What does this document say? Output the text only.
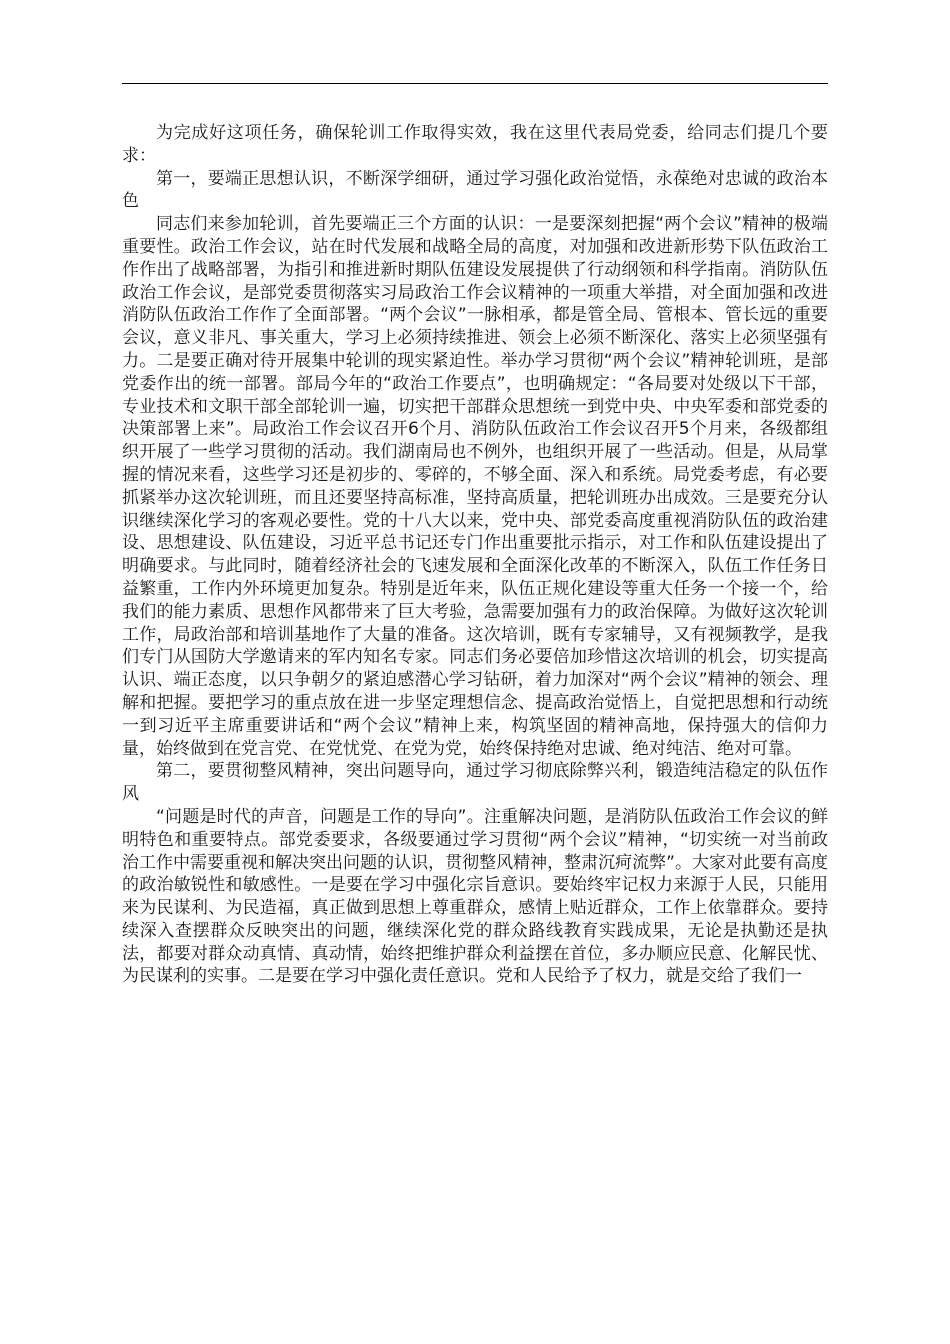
为完成好这项任务，确保轮训工作取得实效，我在这里代表局党委，给同志们提几个要求：

第一，要端正思想认识，不断深学细研，通过学习强化政治觉悟，永葆绝对忠诚的政治本色

同志们来参加轮训，首先要端正三个方面的认识：一是要深刻把握“两个会议”精神的极端重要性。政治工作会议，站在时代发展和战略全局的高度，对加强和改进新形势下队伍政治工作作出了战略部署，为指引和推进新时期队伍建设发展提供了行动纲领和科学指南。消防队伍政治工作会议，是部党委贯彻落实习局政治工作会议精神的一项重大举措，对全面加强和改进消防队伍政治工作作了全面部署。“两个会议”一脉相承，都是管全局、管根本、管长远的重要会议，意义非凡、事关重大，学习上必须持续推进、领会上必须不断深化、落实上必须坚强有力。二是要正确对待开展集中轮训的现实紧迫性。举办学习贯彻“两个会议”精神轮训班，是部党委作出的统一部署。部局今年的“政治工作要点”，也明确规定：“各局要对处级以下干部，专业技术和文职干部全部轮训一遍，切实把干部群众思想统一到党中央、中央军委和部党委的决策部署上来”。局政治工作会议召开6个月、消防队伍政治工作会议召开5个月来，各级都组织开展了一些学习贯彻的活动。我们湖南局也不例外，也组织开展了一些活动。但是，从局掌握的情况来看，这些学习还是初步的、零碎的，不够全面、深入和系统。局党委考虑，有必要抓紧举办这次轮训班，而且还要坚持高标准，坚持高质量，把轮训班办出成效。三是要充分认识继续深化学习的客观必要性。党的十八大以来，党中央、部党委高度重视消防队伍的政治建设、思想建设、队伍建设，习近平总书记还专门作出重要批示指示，对工作和队伍建设提出了明确要求。与此同时，随着经济社会的飞速发展和全面深化改革的不断深入，队伍工作任务日益繁重，工作内外环境更加复杂。特别是近年来，队伍正规化建设等重大任务一个接一个，给我们的能力素质、思想作风都带来了巨大考验，急需要加强有力的政治保障。为做好这次轮训工作，局政治部和培训基地作了大量的准备。这次培训，既有专家辅导，又有视频教学，是我们专门从国防大学邀请来的军内知名专家。同志们务必要倍加珍惜这次培训的机会，切实提高认识、端正态度，以只争朝夕的紧迫感潜心学习钻研，着力加深对“两个会议”精神的领会、理解和把握。要把学习的重点放在进一步坚定理想信念、提高政治觉悟上，自觉把思想和行动统一到习近平主席重要讲话和“两个会议”精神上来，构筑坚固的精神高地，保持强大的信仰力量，始终做到在党言党、在党忧党、在党为党，始终保持绝对忠诚、绝对纯洁、绝对可靠。

第二，要贯彻整风精神，突出问题导向，通过学习彻底除弊兴利，锻造纯洁稳定的队伍作风

“问题是时代的声音，问题是工作的导向”。注重解决问题，是消防队伍政治工作会议的鲜明特色和重要特点。部党委要求，各级要通过学习贯彻“两个会议”精神，“切实统一对当前政治工作中需要重视和解决突出问题的认识，贯彻整风精神，整肃沉疴流弊”。大家对此要有高度的政治敏锐性和敏感性。一是要在学习中强化宗旨意识。要始终牢记权力来源于人民，只能用来为民谋利、为民造福，真正做到思想上尊重群众，感情上贴近群众，工作上依靠群众。要持续深入查摆群众反映突出的问题，继续深化党的群众路线教育实践成果，无论是执勤还是执法，都要对群众动真情、真动情，始终把维护群众利益摆在首位，多办顺应民意、化解民忧、为民谋利的实事。二是要在学习中强化责任意识。党和人民给予了权力，就是交给了我们一
